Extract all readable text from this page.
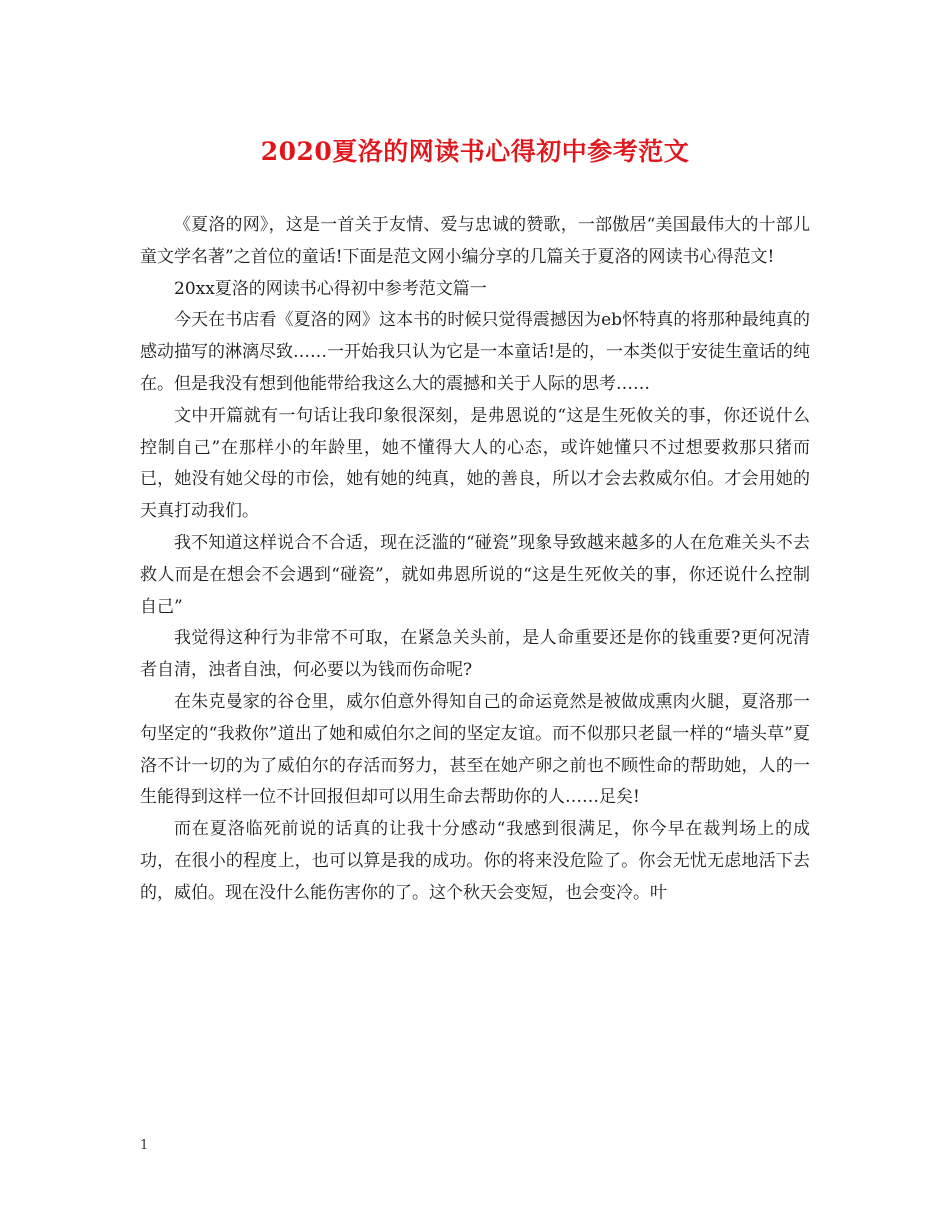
2020夏洛的网读书心得初中参考范文

《夏洛的网》，这是一首关于友情、爱与忠诚的赞歌，一部傲居“美国最伟大的十部儿童文学名著”之首位的童话!下面是范文网小编分享的几篇关于夏洛的网读书心得范文!

20xx夏洛的网读书心得初中参考范文篇一

今天在书店看《夏洛的网》这本书的时候只觉得震撼因为eb怀特真的将那种最纯真的感动描写的淋漓尽致……一开始我只认为它是一本童话!是的，一本类似于安徒生童话的纯在。但是我没有想到他能带给我这么大的震撼和关于人际的思考……

文中开篇就有一句话让我印象很深刻，是弗恩说的“这是生死攸关的事，你还说什么控制自己”在那样小的年龄里，她不懂得大人的心态，或许她懂只不过想要救那只猪而已，她没有她父母的市侩，她有她的纯真，她的善良，所以才会去救威尔伯。才会用她的天真打动我们。

我不知道这样说合不合适，现在泛滥的“碰瓷”现象导致越来越多的人在危难关头不去救人而是在想会不会遇到“碰瓷”，就如弗恩所说的“这是生死攸关的事，你还说什么控制自己”

我觉得这种行为非常不可取，在紧急关头前，是人命重要还是你的钱重要?更何况清者自清，浊者自浊，何必要以为钱而伤命呢?

在朱克曼家的谷仓里，威尔伯意外得知自己的命运竟然是被做成熏肉火腿，夏洛那一句坚定的“我救你”道出了她和威伯尔之间的坚定友谊。而不似那只老鼠一样的“墙头草”夏洛不计一切的为了威伯尔的存活而努力，甚至在她产卵之前也不顾性命的帮助她，人的一生能得到这样一位不计回报但却可以用生命去帮助你的人……足矣!

而在夏洛临死前说的话真的让我十分感动“我感到很满足，你今早在裁判场上的成功，在很小的程度上，也可以算是我的成功。你的将来没危险了。你会无忧无虑地活下去的，威伯。现在没什么能伤害你的了。这个秋天会变短，也会变冷。叶

1
